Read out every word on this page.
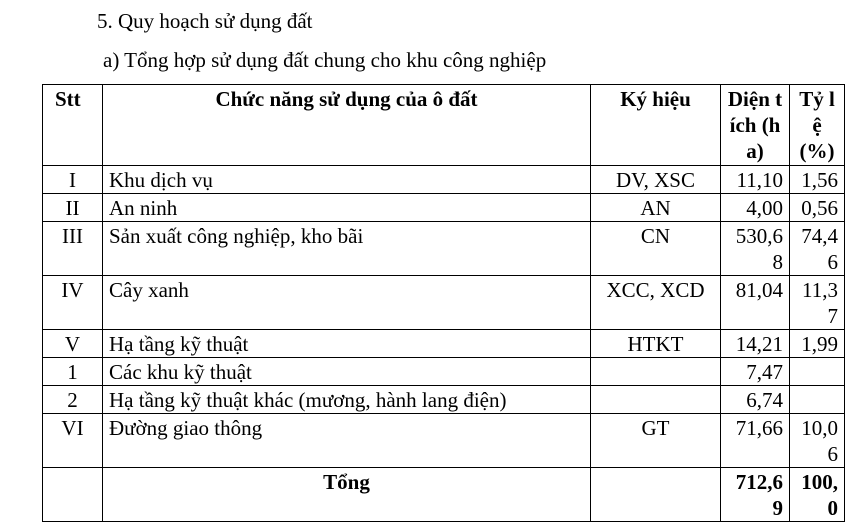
5. Quy hoạch sử dụng đất
a) Tổng hợp sử dụng đất chung cho khu công nghiệp
Stt	Chức năng sử dụng của ô đất	Ký hiệu	Diện tích (ha)	Tỷ lệ (%)
I	Khu dịch vụ	DV, XSC	11,10	1,56
II	An ninh	AN	4,00	0,56
III	Sản xuất công nghiệp, kho bãi	CN	530,68	74,46
IV	Cây xanh	XCC, XCD	81,04	11,37
V	Hạ tầng kỹ thuật	HTKT	14,21	1,99
1	Các khu kỹ thuật		7,47	
2	Hạ tầng kỹ thuật khác (mương, hành lang điện)		6,74	
VI	Đường giao thông	GT	71,66	10,06
	Tổng		712,69	100,0
